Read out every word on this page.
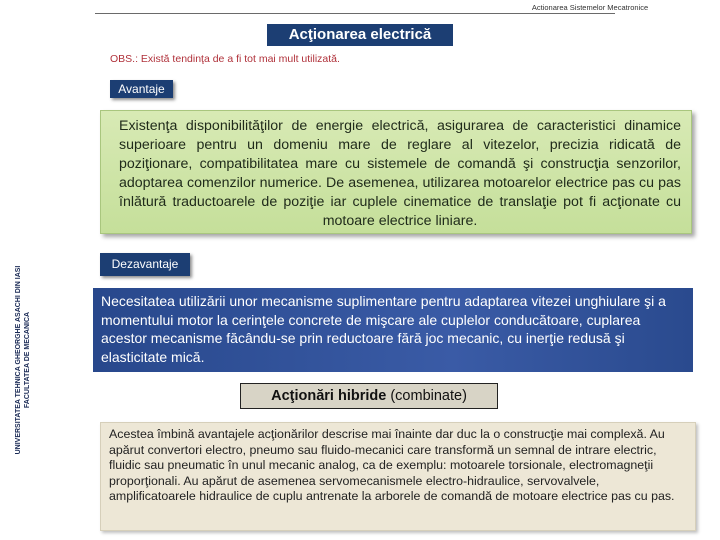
Actionarea Sistemelor Mecatronice
Acţionarea electrică
OBS.: Există tendinţa de a fi tot mai mult utilizată.
UNIVERSITATEA TEHNICA GHEORGHE ASACHI DIN IASI FACULTATEA DE MECANICA
Avantaje
Existenţa disponibilităţilor de energie electrică, asigurarea de caracteristici dinamice superioare pentru un domeniu mare de reglare al vitezelor, precizia ridicată de poziţionare, compatibilitatea mare cu sistemele de comandă şi construcţia senzorilor, adoptarea comenzilor numerice. De asemenea, utilizarea motoarelor electrice pas cu pas înlătură traductoarele de poziţie iar cuplele cinematice de translaţie pot fi acţionate cu motoare electrice liniare.
Dezavantaje
Necesitatea utilizării unor mecanisme suplimentare pentru adaptarea vitezei unghiulare şi a momentului motor la cerinţele concrete de mişcare ale cuplelor conducătoare, cuplarea acestor mecanisme făcându-se prin reductoare fără joc mecanic, cu inerţie redusă şi elasticitate mică.
Acţionări hibride (combinate)
Acestea îmbină avantajele acţionărilor descrise mai înainte dar duc la o construcţie mai complexă. Au apărut convertori electro, pneumo sau fluido-mecanici care transformă un semnal de intrare electric, fluidic sau pneumatic în unul mecanic analog, ca de exemplu: motoarele torsionale, electromagneţii proporţionali. Au apărut de asemenea servomecanismele electro-hidraulice, servovalvele, amplificatoarele hidraulice de cuplu antrenate la arborele de comandă de motoare electrice pas cu pas.
